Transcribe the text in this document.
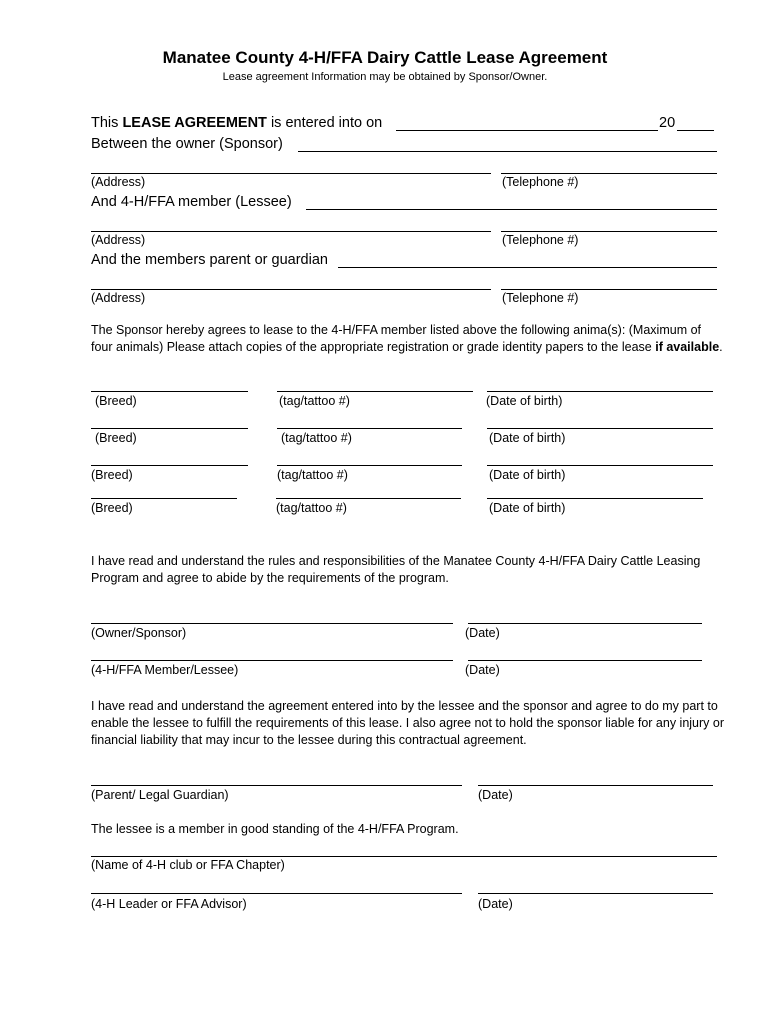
Manatee County 4-H/FFA Dairy Cattle Lease Agreement
Lease agreement Information may be obtained by Sponsor/Owner.
This LEASE AGREEMENT is entered into on	20
Between the owner (Sponsor)
(Address)	(Telephone #)
And 4-H/FFA member (Lessee)
(Address)	(Telephone #)
And the members parent or guardian
(Address)	(Telephone #)
The Sponsor hereby agrees to lease to the 4-H/FFA member listed above the following anima(s): (Maximum of four animals) Please attach copies of the appropriate registration or grade identity papers to the lease if available.
(Breed)	(tag/tattoo #)	(Date of birth)
(Breed)	(tag/tattoo #)	(Date of birth)
(Breed)	(tag/tattoo #)	(Date of birth)
(Breed)	(tag/tattoo #)	(Date of birth)
I have read and understand the rules and responsibilities of the Manatee County 4-H/FFA Dairy Cattle Leasing Program and agree to abide by the requirements of the program.
(Owner/Sponsor)	(Date)
(4-H/FFA Member/Lessee)	(Date)
I have read and understand the agreement entered into by the lessee and the sponsor and agree to do my part to enable the lessee to fulfill the requirements of this lease. I also agree not to hold the sponsor liable for any injury or financial liability that may incur to the lessee during this contractual agreement.
(Parent/ Legal Guardian)	(Date)
The lessee is a member in good standing of the 4-H/FFA Program.
(Name of 4-H club or FFA Chapter)
(4-H Leader or FFA Advisor)	(Date)
